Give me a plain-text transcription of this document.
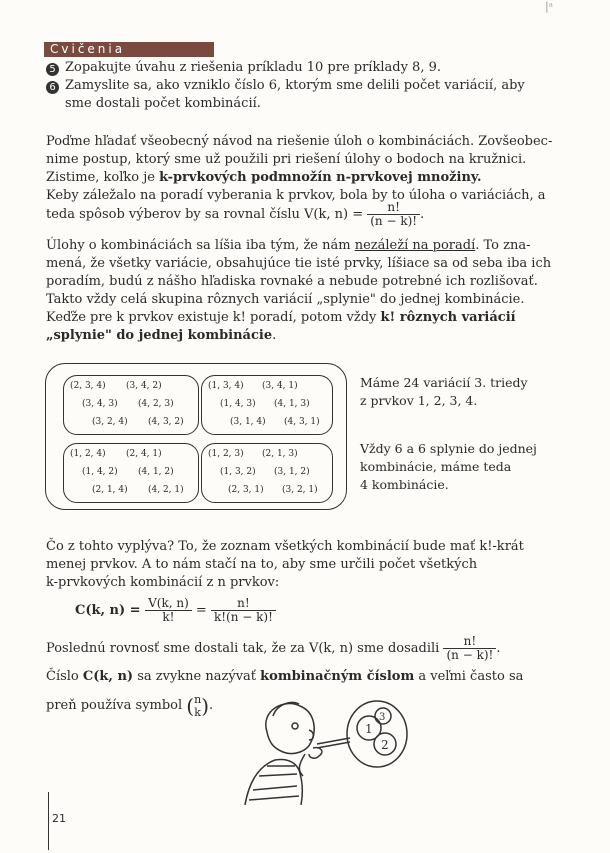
|ᵃ
Cvičenia
5 Zopakujte úvahu z riešenia príkladu 10 pre príklady 8, 9.
6 Zamyslite sa, ako vzniklo číslo 6, ktorým sme delili počet variácií, aby
sme dostali počet kombinácií.
Poďme hľadať všeobecný návod na riešenie úloh o kombináciách. Zovšeobec-
nime postup, ktorý sme už použili pri riešení úlohy o bodoch na kružnici.
Zistime, koľko je k-prvkových podmnožín n-prvkovej množiny.
Keby záležalo na poradí vyberania k prvkov, bola by to úloha o variáciách, a
teda spôsob výberov by sa rovnal číslu V(k, $n) = \frac{n!}{(n - k)!}$ .
Úlohy o kombináciách sa líšia iba tým, že nám nezáleží na poradí. To zna-
mená, že všetky variácie, obsahujúce tie isté prvky, líšiace sa od seba iba ich
poradím, budú z nášho hľadiska rovnaké a nebude potrebné ich rozlišovať.
Takto vždy celá skupina rôznych variácií „splynie" do jednej kombinácie.
Keďže pre k prvkov existuje k! poradí, potom vždy k! rôznych variácií
„splynie" do jednej kombinácie.
(2, 3, 4) (3, 4, 2)
(3, 4, 3) (4, 2, 3)
(3, 2, 4) (4, 3, 2)
(1, 3, 4) (3, 4, 1)
(1, 4, 3) (4, 1, 3)
(3, 1, 4) (4, 3, 1)
(1, 2, 4) (2, 4, 1)
(1, 4, 2) (4, 1, 2)
(2, 1, 4) (4, 2, 1)
(1, 2, 3) (2, 1, 3)
(1, 3, 2) (3, 1, 2)
(2, 3, 1) (3, 2, 1)
Máme 24 variácií 3. triedy
z prvkov 1, 2, 3, 4.
Vždy 6 a 6 splynie do jednej
kombinácie, máme teda
4 kombinácie.
Čo z tohto vyplýva? To, že zoznam všetkých kombinácií bude mať k!-krát
menej prvkov. A to nám stačí na to, aby sme určili počet všetkých
k-prvkových kombinácií z n prvkov:
C(k, $n) = \frac{V(k, n)}{k!} = \frac{n!}{k!(n - k)!}$
Poslednú rovnosť sme dostali tak, že za V(k, n) sme dosadili $\frac{n!}{(n - k)!}$ .
Číslo C(k, n) sa zvykne nazývať kombinačným číslom a veľmi často sa
preň používa symbol ( n
k ).
1
2
3
21
